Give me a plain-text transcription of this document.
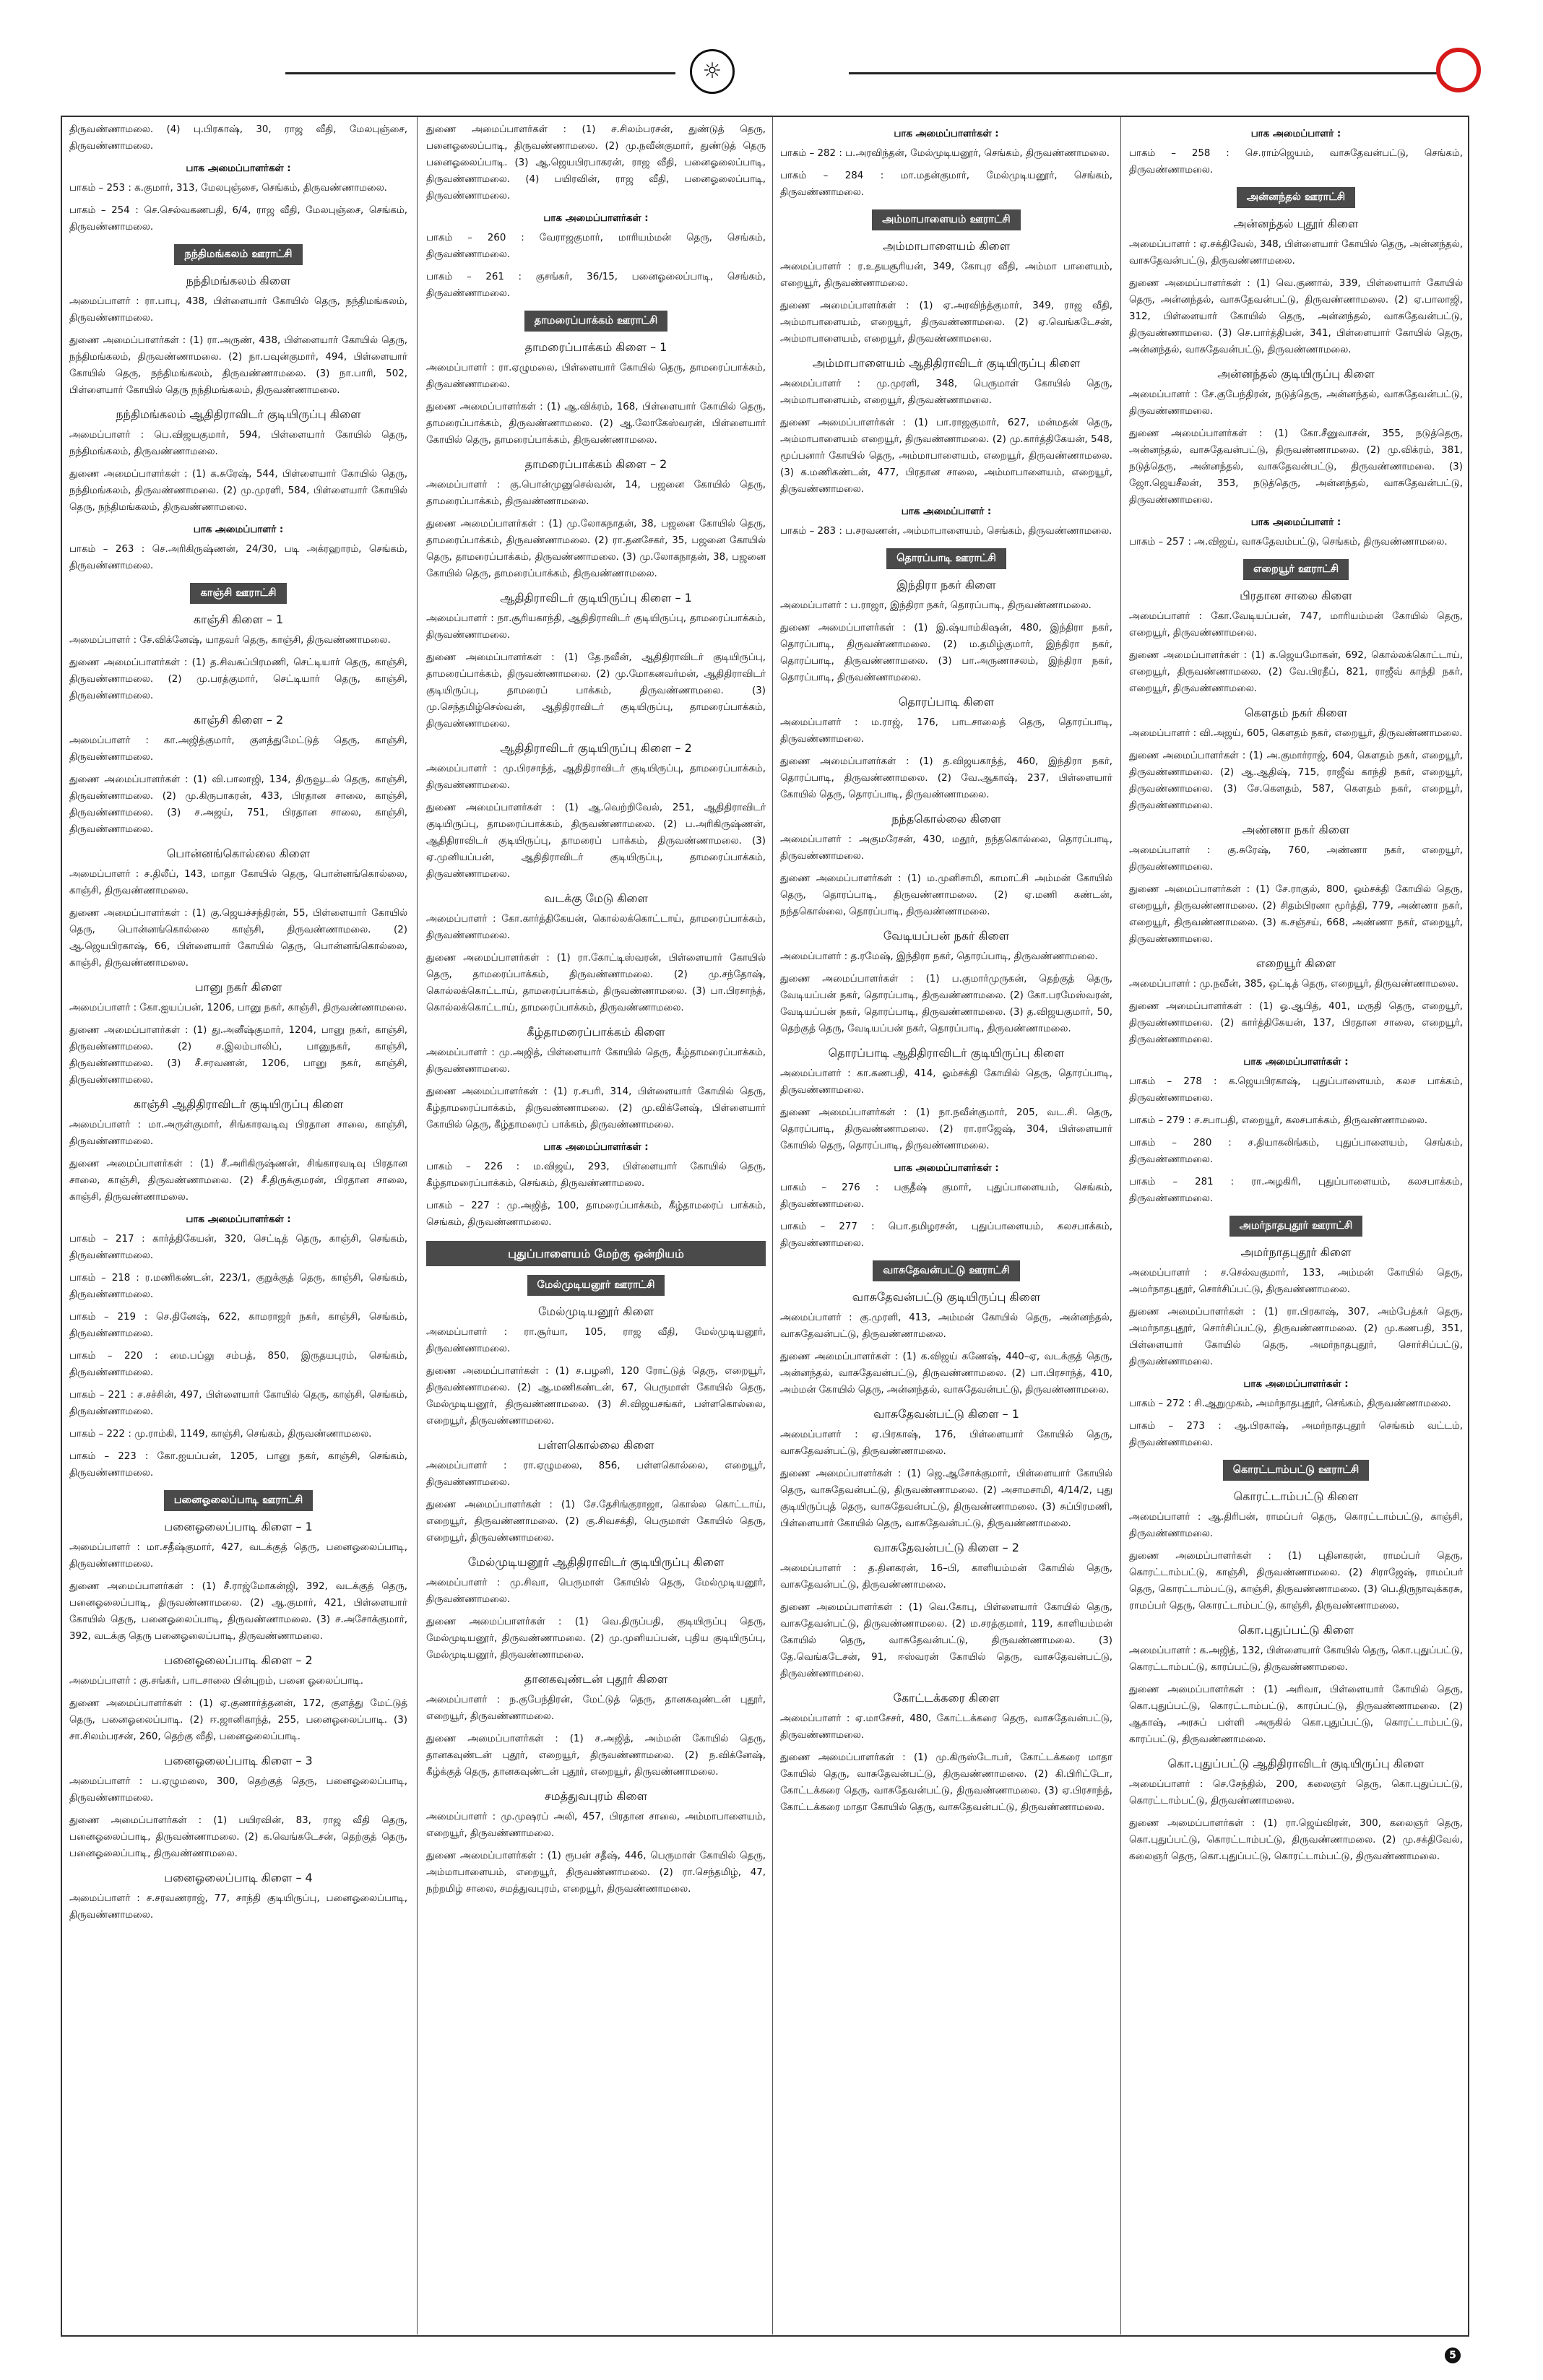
☼

திருவண்ணாமலை. (4) பு.பிரகாஷ், 30, ராஜ வீதி, மேலபுஞ்சை, திருவண்ணாமலை.

பாக அமைப்பாளர்கள் :

பாகம் – 253 : க.குமார், 313, மேலபுஞ்சை, செங்கம், திருவண்ணாமலை.

பாகம் – 254 : செ.செல்வகணபதி, 6/4, ராஜ வீதி, மேலபுஞ்சை, செங்கம், திருவண்ணாமலை.

நந்திமங்கலம் ஊராட்சி
நந்திமங்கலம் கிளை

அமைப்பாளர் : ரா.பாபு, 438, பிள்ளையார் கோயில் தெரு, நந்திமங்கலம், திருவண்ணாமலை.

துணை அமைப்பாளர்கள் : (1) ரா.அருண், 438, பிள்ளையார் கோயில் தெரு, நந்திமங்கலம், திருவண்ணாமலை. (2) நா.பவுன்குமார், 494, பிள்ளையார் கோயில் தெரு, நந்திமங்கலம், திருவண்ணாமலை. (3) நா.பாரி, 502, பிள்ளையார் கோயில் தெரு நந்திமங்கலம், திருவண்ணாமலை.

நந்திமங்கலம் ஆதிதிராவிடர் குடியிருப்பு கிளை

அமைப்பாளர் : பெ.விஜயகுமார், 594, பிள்ளையார் கோயில் தெரு, நந்திமங்கலம், திருவண்ணாமலை.

துணை அமைப்பாளர்கள் : (1) க.சுரேஷ், 544, பிள்ளையார் கோயில் தெரு, நந்திமங்கலம், திருவண்ணாமலை. (2) மு.முரளி, 584, பிள்ளையார் கோயில் தெரு, நந்திமங்கலம், திருவண்ணாமலை.

பாக அமைப்பாளர் :

பாகம் – 263 : செ.அரிகிருஷ்ணன், 24/30, படி அக்ரஹாரம், செங்கம், திருவண்ணாமலை.

காஞ்சி ஊராட்சி
காஞ்சி கிளை – 1

அமைப்பாளர் : சே.விக்னேஷ், யாதவர் தெரு, காஞ்சி, திருவண்ணாமலை.

துணை அமைப்பாளர்கள் : (1) த.சிவசுப்பிரமணி, செட்டியார் தெரு, காஞ்சி, திருவண்ணாமலை. (2) மு.பரத்குமார், செட்டியார் தெரு, காஞ்சி, திருவண்ணாமலை.

காஞ்சி கிளை – 2

அமைப்பாளர் : கா.அஜித்குமார், குளத்துமேட்டுத் தெரு, காஞ்சி, திருவண்ணாமலை.

துணை அமைப்பாளர்கள் : (1) வி.பாலாஜி, 134, திருவூடல் தெரு, காஞ்சி, திருவண்ணாமலை. (2) மு.கிருபாகரன், 433, பிரதான சாலை, காஞ்சி, திருவண்ணாமலை. (3) ச.அஜய், 751, பிரதான சாலை, காஞ்சி, திருவண்ணாமலை.

பொன்னங்கொல்லை கிளை

அமைப்பாளர் : ச.திலீப், 143, மாதா கோயில் தெரு, பொன்னங்கொல்லை, காஞ்சி, திருவண்ணாமலை.

துணை அமைப்பாளர்கள் : (1) கு.ஜெயச்சந்திரன், 55, பிள்ளையார் கோயில் தெரு, பொன்னங்கொல்லை காஞ்சி, திருவண்ணாமலை. (2) ஆ.ஜெயபிரகாஷ், 66, பிள்ளையார் கோயில் தெரு, பொன்னங்கொல்லை, காஞ்சி, திருவண்ணாமலை.

பானு நகர் கிளை

அமைப்பாளர் : கோ.ஐயப்பன், 1206, பானு நகர், காஞ்சி, திருவண்ணாமலை.

துணை அமைப்பாளர்கள் : (1) து.அனீஷ்குமார், 1204, பானு நகர், காஞ்சி, திருவண்ணாமலை. (2) ச.இலம்பாலிப், பானுநகர், காஞ்சி, திருவண்ணாமலை. (3) சீ.சரவணன், 1206, பானு நகர், காஞ்சி, திருவண்ணாமலை.

காஞ்சி ஆதிதிராவிடர் குடியிருப்பு கிளை

அமைப்பாளர் : மா.அருள்குமார், சிங்காரவடிவு பிரதான சாலை, காஞ்சி, திருவண்ணாமலை.

துணை அமைப்பாளர்கள் : (1) சீ.அரிகிருஷ்ணன், சிங்காரவடிவு பிரதான சாலை, காஞ்சி, திருவண்ணாமலை. (2) சீ.திருக்குமரன், பிரதான சாலை, காஞ்சி, திருவண்ணாமலை.

பாக அமைப்பாளர்கள் :

பாகம் – 217 : கார்த்திகேயன், 320, செட்டித் தெரு, காஞ்சி, செங்கம், திருவண்ணாமலை.

பாகம் – 218 : ர.மணிகண்டன், 223/1, குறுக்குத் தெரு, காஞ்சி, செங்கம், திருவண்ணாமலை.

பாகம் – 219 : செ.தினேஷ், 622, காமராஜர் நகர், காஞ்சி, செங்கம், திருவண்ணாமலை.

பாகம் – 220 : மை.பப்லு சம்பத், 850, இருதயபுரம், செங்கம், திருவண்ணாமலை.

பாகம் – 221 : ச.சச்சின், 497, பிள்ளையார் கோயில் தெரு, காஞ்சி, செங்கம், திருவண்ணாமலை.

பாகம் – 222 : மு.ராம்கி, 1149, காஞ்சி, செங்கம், திருவண்ணாமலை.

பாகம் – 223 : கோ.ஐயப்பன், 1205, பானு நகர், காஞ்சி, செங்கம், திருவண்ணாமலை.

பனைஓலைப்பாடி ஊராட்சி
பனைஓலைப்பாடி கிளை – 1

அமைப்பாளர் : மா.சதீஷ்குமார், 427, வடக்குத் தெரு, பனைஓலைப்பாடி, திருவண்ணாமலை.

துணை அமைப்பாளர்கள் : (1) சீ.ராஜ்மோகன்ஜி, 392, வடக்குத் தெரு, பனைஓலைப்பாடி, திருவண்ணாமலை. (2) ஆ.குமார், 421, பிள்ளையார் கோயில் தெரு, பனைஓலைப்பாடி, திருவண்ணாமலை. (3) ச.அசோக்குமார், 392, வடக்கு தெரு பனைஓலைப்பாடி, திருவண்ணாமலை.

பனைஓலைப்பாடி கிளை – 2

அமைப்பாளர் : கு.சங்கர், பாடசாலை பின்புறம், பனை ஓலைப்பாடி.

துணை அமைப்பாளர்கள் : (1) ஏ.குணார்த்தனன், 172, குளத்து மேட்டுத் தெரு, பனைஓலைப்பாடி. (2) ஈ.ஜானிகாந்த், 255, பனைஓலைப்பாடி. (3) சா.சிலம்பரசன், 260, தெற்கு வீதி, பனைஓலைப்பாடி.

பனைஓலைப்பாடி கிளை – 3

அமைப்பாளர் : ப.ஏழுமலை, 300, தெற்குத் தெரு, பனைஓலைப்பாடி, திருவண்ணாமலை.

துணை அமைப்பாளர்கள் : (1) பயிரவின், 83, ராஜ வீதி தெரு, பனைஓலைப்பாடி, திருவண்ணாமலை. (2) க.வெங்கடேசன், தெற்குத் தெரு, பனைஓலைப்பாடி, திருவண்ணாமலை.

பனைஓலைப்பாடி கிளை – 4

அமைப்பாளர் : ச.சரவணராஜ், 77, சாந்தி குடியிருப்பு, பனைஓலைப்பாடி, திருவண்ணாமலை.

துணை அமைப்பாளர்கள் : (1) ச.சிலம்பரசன், துண்டுத் தெரு, பனைஓலைப்பாடி, திருவண்ணாமலை. (2) மு.நவீன்குமார், துண்டுத் தெரு பனைஓலைப்பாடி. (3) ஆ.ஜெயபிரபாகரன், ராஜ வீதி, பனைஓலைப்பாடி, திருவண்ணாமலை. (4) பயிரவின், ராஜ வீதி, பனைஓலைப்பாடி, திருவண்ணாமலை.

பாக அமைப்பாளர்கள் :

பாகம் – 260 : வேராஜகுமார், மாரியம்மன் தெரு, செங்கம், திருவண்ணாமலை.

பாகம் – 261 : குசங்கர், 36/15, பனைஓலைப்பாடி, செங்கம், திருவண்ணாமலை.

தாமரைப்பாக்கம் ஊராட்சி
தாமரைப்பாக்கம் கிளை – 1

அமைப்பாளர் : ரா.ஏழுமலை, பிள்ளையார் கோயில் தெரு, தாமரைப்பாக்கம், திருவண்ணாமலை.

துணை அமைப்பாளர்கள் : (1) ஆ.விக்ரம், 168, பிள்ளையார் கோயில் தெரு, தாமரைப்பாக்கம், திருவண்ணாமலை. (2) ஆ.லோகேஸ்வரன், பிள்ளையார் கோயில் தெரு, தாமரைப்பாக்கம், திருவண்ணாமலை.

தாமரைப்பாக்கம் கிளை – 2

அமைப்பாளர் : கு.பொன்முனுசெல்வன், 14, பஜனை கோயில் தெரு, தாமரைப்பாக்கம், திருவண்ணாமலை.

துணை அமைப்பாளர்கள் : (1) மு.லோகநாதன், 38, பஜனை கோயில் தெரு, தாமரைப்பாக்கம், திருவண்ணாமலை. (2) ரா.தனசேகர், 35, பஜனை கோயில் தெரு, தாமரைப்பாக்கம், திருவண்ணாமலை. (3) மு.லோகநாதன், 38, பஜனை கோயில் தெரு, தாமரைப்பாக்கம், திருவண்ணாமலை.

ஆதிதிராவிடர் குடியிருப்பு கிளை – 1

அமைப்பாளர் : நா.சூரியகாந்தி, ஆதிதிராவிடர் குடியிருப்பு, தாமரைப்பாக்கம், திருவண்ணாமலை.

துணை அமைப்பாளர்கள் : (1) தே.நவீன், ஆதிதிராவிடர் குடியிருப்பு, தாமரைப்பாக்கம், திருவண்ணாமலை. (2) மு.மோகனவர்மன், ஆதிதிராவிடர் குடியிருப்பு, தாமரைப் பாக்கம், திருவண்ணாமலை. (3) மு.செந்தமிழ்செல்வன், ஆதிதிராவிடர் குடியிருப்பு, தாமரைப்பாக்கம், திருவண்ணாமலை.

ஆதிதிராவிடர் குடியிருப்பு கிளை – 2

அமைப்பாளர் : மு.பிரசாந்த், ஆதிதிராவிடர் குடியிருப்பு, தாமரைப்பாக்கம், திருவண்ணாமலை.

துணை அமைப்பாளர்கள் : (1) ஆ.வெற்றிவேல், 251, ஆதிதிராவிடர் குடியிருப்பு, தாமரைப்பாக்கம், திருவண்ணாமலை. (2) ப.அரிகிருஷ்ணன், ஆதிதிராவிடர் குடியிருப்பு, தாமரைப் பாக்கம், திருவண்ணாமலை. (3) ஏ.முனியப்பன், ஆதிதிராவிடர் குடியிருப்பு, தாமரைப்பாக்கம், திருவண்ணாமலை.

வடக்கு மேடு கிளை

அமைப்பாளர் : கோ.கார்த்திகேயன், கொல்லக்கொட்டாய், தாமரைப்பாக்கம், திருவண்ணாமலை.

துணை அமைப்பாளர்கள் : (1) ரா.கோட்டிஸ்வரன், பிள்ளையார் கோயில் தெரு, தாமரைப்பாக்கம், திருவண்ணாமலை. (2) மு.சந்தோஷ், கொல்லக்கொட்டாய், தாமரைப்பாக்கம், திருவண்ணாமலை. (3) பா.பிரசாந்த், கொல்லக்கொட்டாய், தாமரைப்பாக்கம், திருவண்ணாமலை.

கீழ்தாமரைப்பாக்கம் கிளை

அமைப்பாளர் : மு.அஜித், பிள்ளையார் கோயில் தெரு, கீழ்தாமரைப்பாக்கம், திருவண்ணாமலை.

துணை அமைப்பாளர்கள் : (1) ர.சபரி, 314, பிள்ளையார் கோயில் தெரு, கீழ்தாமரைப்பாக்கம், திருவண்ணாமலை. (2) மு.விக்னேஷ், பிள்ளையார் கோயில் தெரு, கீழ்தாமரைப் பாக்கம், திருவண்ணாமலை.

பாக அமைப்பாளர்கள் :

பாகம் – 226 : ம.விஜய், 293, பிள்ளையார் கோயில் தெரு, கீழ்தாமரைப்பாக்கம், செங்கம், திருவண்ணாமலை.

பாகம் – 227 : மு.அஜித், 100, தாமரைப்பாக்கம், கீழ்தாமரைப் பாக்கம், செங்கம், திருவண்ணாமலை.

புதுப்பாளையம் மேற்கு ஒன்றியம்
மேல்முடியனூர் ஊராட்சி
மேல்முடியனூர் கிளை

அமைப்பாளர் : ரா.சூர்யா, 105, ராஜ வீதி, மேல்முடியனூர், திருவண்ணாமலை.

துணை அமைப்பாளர்கள் : (1) ச.பழனி, 120 ரோட்டுத் தெரு, எறையூர், திருவண்ணாமலை. (2) ஆ.மணிகண்டன், 67, பெருமாள் கோயில் தெரு, மேல்முடியனூர், திருவண்ணாமலை. (3) சி.விஜயசங்கர், பள்ளகொல்லை, எறையூர், திருவண்ணாமலை.

பள்ளகொல்லை கிளை

அமைப்பாளர் : ரா.ஏழுமலை, 856, பள்ளகொல்லை, எறையூர், திருவண்ணாமலை.

துணை அமைப்பாளர்கள் : (1) சே.தேசிங்குராஜா, கொல்ல கொட்டாய், எறையூர், திருவண்ணாமலை. (2) கு.சிவசக்தி, பெருமாள் கோயில் தெரு, எறையூர், திருவண்ணாமலை.

மேல்முடியனூர் ஆதிதிராவிடர் குடியிருப்பு கிளை

அமைப்பாளர் : மு.சிவா, பெருமாள் கோயில் தெரு, மேல்முடியனூர், திருவண்ணாமலை.

துணை அமைப்பாளர்கள் : (1) வெ.திருப்பதி, குடியிருப்பு தெரு, மேல்முடியனூர், திருவண்ணாமலை. (2) மு.முனியப்பன், புதிய குடியிருப்பு, மேல்முடியனூர், திருவண்ணாமலை.

தானகவுண்டன் புதூர் கிளை

அமைப்பாளர் : ந.குபேந்திரன், மேட்டுத் தெரு, தானகவுண்டன் புதூர், எறையூர், திருவண்ணாமலை.

துணை அமைப்பாளர்கள் : (1) ச.அஜித், அம்மன் கோயில் தெரு, தானகவுண்டன் புதூர், எறையூர், திருவண்ணாமலை. (2) ந.விக்னேஷ், கீழ்க்குத் தெரு, தானகவுண்டன் புதூர், எறையூர், திருவண்ணாமலை.

சமத்துவபுரம் கிளை

அமைப்பாளர் : மு.முஷரப் அலி, 457, பிரதான சாலை, அம்மாபாளையம், எறையூர், திருவண்ணாமலை.

துணை அமைப்பாளர்கள் : (1) ரூபன் சதீஷ், 446, பெருமாள் கோயில் தெரு, அம்மாபாளையம், எறையூர், திருவண்ணாமலை. (2) ரா.செந்தமிழ், 47, நற்றமிழ் சாலை, சமத்துவபுரம், எறையூர், திருவண்ணாமலை.

பாக அமைப்பாளர்கள் :

பாகம் – 282 : ப.அரவிந்தன், மேல்முடியனூர், செங்கம், திருவண்ணாமலை.

பாகம் – 284 : மா.மதன்குமார், மேல்முடியனூர், செங்கம், திருவண்ணாமலை.

அம்மாபாளையம் ஊராட்சி
அம்மாபாளையம் கிளை

அமைப்பாளர் : ர.உதயசூரியன், 349, கோபுர வீதி, அம்மா பாளையம், எறையூர், திருவண்ணாமலை.

துணை அமைப்பாளர்கள் : (1) ஏ.அரவிந்த்குமார், 349, ராஜ வீதி, அம்மாபாளையம், எறையூர், திருவண்ணாமலை. (2) ஏ.வெங்கடேசன், அம்மாபாளையம், எறையூர், திருவண்ணாமலை.

அம்மாபாளையம் ஆதிதிராவிடர் குடியிருப்பு கிளை

அமைப்பாளர் : மு.முரளி, 348, பெருமாள் கோயில் தெரு, அம்மாபாளையம், எறையூர், திருவண்ணாமலை.

துணை அமைப்பாளர்கள் : (1) பா.ராஜகுமார், 627, மன்மதன் தெரு, அம்மாபாளையம் எறையூர், திருவண்ணாமலை. (2) மு.கார்த்திகேயன், 548, மூப்பனார் கோயில் தெரு, அம்மாபாளையம், எறையூர், திருவண்ணாமலை. (3) க.மணிகண்டன், 477, பிரதான சாலை, அம்மாபாளையம், எறையூர், திருவண்ணாமலை.

பாக அமைப்பாளர் :

பாகம் – 283 : ப.சரவணன், அம்மாபாளையம், செங்கம், திருவண்ணாமலை.

தொரப்பாடி ஊராட்சி
இந்திரா நகர் கிளை

அமைப்பாளர் : ப.ராஜா, இந்திரா நகர், தொரப்பாடி, திருவண்ணாமலை.

துணை அமைப்பாளர்கள் : (1) இ.ஷ்யாம்கிஷன், 480, இந்திரா நகர், தொரப்பாடி, திருவண்ணாமலை. (2) ம.தமிழ்குமார், இந்திரா நகர், தொரப்பாடி, திருவண்ணாமலை. (3) பா.அருணாசலம், இந்திரா நகர், தொரப்பாடி, திருவண்ணாமலை.

தொரப்பாடி கிளை

அமைப்பாளர் : ம.ராஜ், 176, பாடசாலைத் தெரு, தொரப்பாடி, திருவண்ணாமலை.

துணை அமைப்பாளர்கள் : (1) த.விஜயகாந்த், 460, இந்திரா நகர், தொரப்பாடி, திருவண்ணாமலை. (2) வே.ஆகாஷ், 237, பிள்ளையார் கோயில் தெரு, தொரப்பாடி, திருவண்ணாமலை.

நந்தகொல்லை கிளை

அமைப்பாளர் : அகுமரேசன், 430, மதூர், நந்தகொல்லை, தொரப்பாடி, திருவண்ணாமலை.

துணை அமைப்பாளர்கள் : (1) ம.முனிசாமி, காமாட்சி அம்மன் கோயில் தெரு, தொரப்பாடி, திருவண்ணாமலை. (2) ஏ.மணி கண்டன், நந்தகொல்லை, தொரப்பாடி, திருவண்ணாமலை.

வேடியப்பன் நகர் கிளை

அமைப்பாளர் : த.ரமேஷ், இந்திரா நகர், தொரப்பாடி, திருவண்ணாமலை.

துணை அமைப்பாளர்கள் : (1) ப.குமார்முருகன், தெற்குத் தெரு, வேடியப்பன் நகர், தொரப்பாடி, திருவண்ணாமலை. (2) கோ.பரமேஸ்வரன், வேடியப்பன் நகர், தொரப்பாடி, திருவண்ணாமலை. (3) த.விஜயகுமார், 50, தெற்குத் தெரு, வேடியப்பன் நகர், தொரப்பாடி, திருவண்ணாமலை.

தொரப்பாடி ஆதிதிராவிடர் குடியிருப்பு கிளை

அமைப்பாளர் : கா.கணபதி, 414, ஓம்சக்தி கோயில் தெரு, தொரப்பாடி, திருவண்ணாமலை.

துணை அமைப்பாளர்கள் : (1) நா.நவீன்குமார், 205, வட.சி. தெரு, தொரப்பாடி, திருவண்ணாமலை. (2) ரா.ராஜேஷ், 304, பிள்ளையார் கோயில் தெரு, தொரப்பாடி, திருவண்ணாமலை.

பாக அமைப்பாளர்கள் :

பாகம் – 276 : பகுதீஷ் குமார், புதுப்பாளையம், செங்கம், திருவண்ணாமலை.

பாகம் – 277 : பொ.தமிழரசன், புதுப்பாளையம், கலசபாக்கம், திருவண்ணாமலை.

வாசுதேவன்பட்டு ஊராட்சி
வாசுதேவன்பட்டு குடியிருப்பு கிளை

அமைப்பாளர் : கு.முரளி, 413, அம்மன் கோயில் தெரு, அன்னந்தல், வாசுதேவன்பட்டு, திருவண்ணாமலை.

துணை அமைப்பாளர்கள் : (1) க.விஜய் கணேஷ், 440–ஏ, வடக்குத் தெரு, அன்னந்தல், வாசுதேவன்பட்டு, திருவண்ணாமலை. (2) பா.பிரசாந்த், 410, அம்மன் கோயில் தெரு, அன்னந்தல், வாசுதேவன்பட்டு, திருவண்ணாமலை.

வாசுதேவன்பட்டு கிளை – 1

அமைப்பாளர் : ஏ.பிரகாஷ், 176, பிள்ளையார் கோயில் தெரு, வாசுதேவன்பட்டு, திருவண்ணாமலை.

துணை அமைப்பாளர்கள் : (1) ஜெ.ஆசோக்குமார், பிள்ளையார் கோயில் தெரு, வாசுதேவன்பட்டு, திருவண்ணாமலை. (2) அசாமசாமி, 4/14/2, புது குடியிருப்புத் தெரு, வாசுதேவன்பட்டு, திருவண்ணாமலை. (3) சுப்பிரமணி, பிள்ளையார் கோயில் தெரு, வாசுதேவன்பட்டு, திருவண்ணாமலை.

வாசுதேவன்பட்டு கிளை – 2

அமைப்பாளர் : த.தினகரன், 16–பி, காளியம்மன் கோயில் தெரு, வாசுதேவன்பட்டு, திருவண்ணாமலை.

துணை அமைப்பாளர்கள் : (1) வெ.கோபு, பிள்ளையார் கோயில் தெரு, வாசுதேவன்பட்டு, திருவண்ணாமலை. (2) ம.சரத்குமார், 119, காளியம்மன் கோயில் தெரு, வாசுதேவன்பட்டு, திருவண்ணாமலை. (3) தே.வெங்கடேசன், 91, ஈஸ்வரன் கோயில் தெரு, வாசுதேவன்பட்டு, திருவண்ணாமலை.

கோட்டக்கரை கிளை

அமைப்பாளர் : ஏ.மாசேசர், 480, கோட்டக்கரை தெரு, வாசுதேவன்பட்டு, திருவண்ணாமலை.

துணை அமைப்பாளர்கள் : (1) மு.கிருஸ்டோபர், கோட்டக்கரை மாதா கோயில் தெரு, வாசுதேவன்பட்டு, திருவண்ணாமலை. (2) கி.பிரிட்டோ, கோட்டக்கரை தெரு, வாசுதேவன்பட்டு, திருவண்ணாமலை. (3) ஏ.பிரசாந்த், கோட்டக்கரை மாதா கோயில் தெரு, வாசுதேவன்பட்டு, திருவண்ணாமலை.

பாக அமைப்பாளர் :

பாகம் – 258 : செ.ராம்ஜெயம், வாசுதேவன்பட்டு, செங்கம், திருவண்ணாமலை.

அன்னந்தல் ஊராட்சி
அன்னந்தல் புதூர் கிளை

அமைப்பாளர் : ஏ.சக்திவேல், 348, பிள்ளையார் கோயில் தெரு, அன்னந்தல், வாசுதேவன்பட்டு, திருவண்ணாமலை.

துணை அமைப்பாளர்கள் : (1) வெ.குணால், 339, பிள்ளையார் கோயில் தெரு, அன்னந்தல், வாசுதேவன்பட்டு, திருவண்ணாமலை. (2) ஏ.பாலாஜி, 312, பிள்ளையார் கோயில் தெரு, அன்னந்தல், வாசுதேவன்பட்டு, திருவண்ணாமலை. (3) செ.பார்த்திபன், 341, பிள்ளையார் கோயில் தெரு, அன்னந்தல், வாசுதேவன்பட்டு, திருவண்ணாமலை.

அன்னந்தல் குடியிருப்பு கிளை

அமைப்பாளர் : சே.குபேந்திரன், நடுத்தெரு, அன்னந்தல், வாசுதேவன்பட்டு, திருவண்ணாமலை.

துணை அமைப்பாளர்கள் : (1) கோ.சீனுவாசன், 355, நடுத்தெரு, அன்னந்தல், வாசுதேவன்பட்டு, திருவண்ணாமலை. (2) மு.விக்ரம், 381, நடுத்தெரு, அன்னந்தல், வாசுதேவன்பட்டு, திருவண்ணாமலை. (3) ஜோ.ஜெயசீலன், 353, நடுத்தெரு, அன்னந்தல், வாசுதேவன்பட்டு, திருவண்ணாமலை.

பாக அமைப்பாளர் :

பாகம் – 257 : அ.விஜய், வாசுதேவம்பட்டு, செங்கம், திருவண்ணாமலை.

எறையூர் ஊராட்சி
பிரதான சாலை கிளை

அமைப்பாளர் : கோ.வேடியப்பன், 747, மாரியம்மன் கோயில் தெரு, எறையூர், திருவண்ணாமலை.

துணை அமைப்பாளர்கள் : (1) க.ஜெயமோகன், 692, கொல்லக்கொட்டாய், எறையூர், திருவண்ணாமலை. (2) வே.பிரதீப், 821, ராஜீவ் காந்தி நகர், எறையூர், திருவண்ணாமலை.

கௌதம் நகர் கிளை

அமைப்பாளர் : வி.அஜய், 605, கௌதம் நகர், எறையூர், திருவண்ணாமலை.

துணை அமைப்பாளர்கள் : (1) அ.குமார்ராஜ், 604, கௌதம் நகர், எறையூர், திருவண்ணாமலை. (2) ஆ.ஆதிஷ், 715, ராஜீவ் காந்தி நகர், எறையூர், திருவண்ணாமலை. (3) சே.கௌதம், 587, கௌதம் நகர், எறையூர், திருவண்ணாமலை.

அண்ணா நகர் கிளை

அமைப்பாளர் : கு.சுரேஷ், 760, அண்ணா நகர், எறையூர், திருவண்ணாமலை.

துணை அமைப்பாளர்கள் : (1) சே.ராகுல், 800, ஓம்சக்தி கோயில் தெரு, எறையூர், திருவண்ணாமலை. (2) சிதம்பிரனா மூர்த்தி, 779, அண்ணா நகர், எறையூர், திருவண்ணாமலை. (3) க.சஞ்சய், 668, அண்ணா நகர், எறையூர், திருவண்ணாமலை.

எறையூர் கிளை

அமைப்பாளர் : மு.நவீன், 385, ஒட்டித் தெரு, எறையூர், திருவண்ணாமலை.

துணை அமைப்பாளர்கள் : (1) ஓ.ஆபித், 401, மருதி தெரு, எறையூர், திருவண்ணாமலை. (2) கார்த்திகேயன், 137, பிரதான சாலை, எறையூர், திருவண்ணாமலை.

பாக அமைப்பாளர்கள் :

பாகம் – 278 : க.ஜெயபிரகாஷ், புதுப்பாளையம், கலச பாக்கம், திருவண்ணாமலை.

பாகம் – 279 : ச.சபாபதி, எறையூர், கலசபாக்கம், திருவண்ணாமலை.

பாகம் – 280 : ச.தியாகலிங்கம், புதுப்பாளையம், செங்கம், திருவண்ணாமலை.

பாகம் – 281 : ரா.அழகிரி, புதுப்பாளையம், கலசபாக்கம், திருவண்ணாமலை.

அமர்நாதபுதூர் ஊராட்சி
அமர்நாதபுதூர் கிளை

அமைப்பாளர் : ச.செல்வகுமார், 133, அம்மன் கோயில் தெரு, அமர்நாதபுதூர், சொர்சிப்பட்டு, திருவண்ணாமலை.

துணை அமைப்பாளர்கள் : (1) ரா.பிரகாஷ், 307, அம்பேத்கர் தெரு, அமர்நாதபுதூர், சொர்சிப்பட்டு, திருவண்ணாமலை. (2) மு.கணபதி, 351, பிள்ளையார் கோயில் தெரு, அமர்நாதபுதூர், சொர்சிப்பட்டு, திருவண்ணாமலை.

பாக அமைப்பாளர்கள் :

பாகம் – 272 : சி.ஆறுமுகம், அமர்நாதபுதூர், செங்கம், திருவண்ணாமலை.

பாகம் – 273 : ஆ.பிரகாஷ், அமர்நாதபுதூர் செங்கம் வட்டம், திருவண்ணாமலை.

கொரட்டாம்பட்டு ஊராட்சி
கொரட்டாம்பட்டு கிளை

அமைப்பாளர் : ஆ.திரிபன், ராமப்பர் தெரு, கொரட்டாம்பட்டு, காஞ்சி, திருவண்ணாமலை.

துணை அமைப்பாளர்கள் : (1) புதினகரன், ராமப்பர் தெரு, கொரட்டாம்பட்டு, காஞ்சி, திருவண்ணாமலை. (2) சிராஜேஷ், ராமப்பர் தெரு, கொரட்டாம்பட்டு, காஞ்சி, திருவண்ணாமலை. (3) பெ.திருநாவுக்கரசு, ராமப்பர் தெரு, கொரட்டாம்பட்டு, காஞ்சி, திருவண்ணாமலை.

கொ.புதுப்பட்டு கிளை

அமைப்பாளர் : க.அஜித், 132, பிள்ளையார் கோயில் தெரு, கொ.புதுப்பட்டு, கொரட்டாம்பட்டு, காரப்பட்டு, திருவண்ணாமலை.

துணை அமைப்பாளர்கள் : (1) அரிவா, பிள்ளையார் கோயில் தெரு, கொ.புதுப்பட்டு, கொரட்டாம்பட்டு, காரப்பட்டு, திருவண்ணாமலை. (2) ஆகாஷ், அரசுப் பள்ளி அருகில் கொ.புதுப்பட்டு, கொரட்டாம்பட்டு, காரப்பட்டு, திருவண்ணாமலை.

கொ.புதுப்பட்டு ஆதிதிராவிடர் குடியிருப்பு கிளை

அமைப்பாளர் : செ.சேந்தில், 200, கலைஞர் தெரு, கொ.புதுப்பட்டு, கொரட்டாம்பட்டு, திருவண்ணாமலை.

துணை அமைப்பாளர்கள் : (1) ரா.ஜெய்விரன், 300, கலைஞர் தெரு, கொ.புதுப்பட்டு, கொரட்டாம்பட்டு, திருவண்ணாமலை. (2) மு.சக்திவேல், கலைஞர் தெரு, கொ.புதுப்பட்டு, கொரட்டாம்பட்டு, திருவண்ணாமலை.

5
